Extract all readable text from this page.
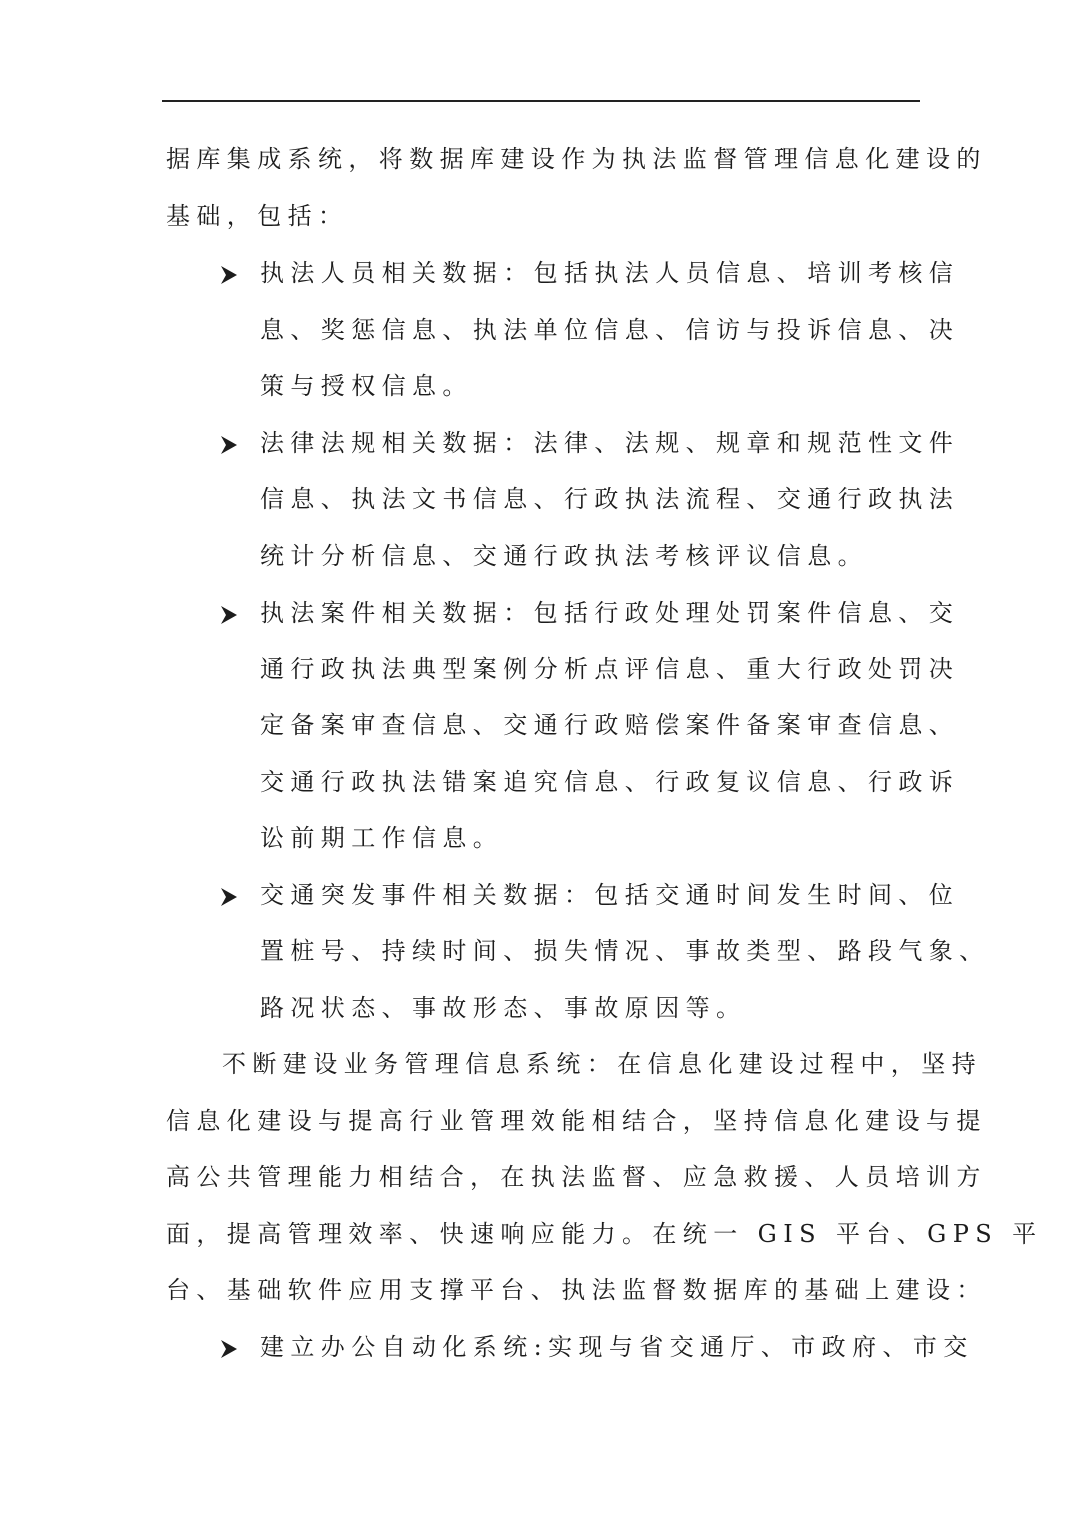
据库集成系统，将数据库建设作为执法监督管理信息化建设的
基础，包括：
执法人员相关数据：包括执法人员信息、培训考核信
息、奖惩信息、执法单位信息、信访与投诉信息、决
策与授权信息。
法律法规相关数据：法律、法规、规章和规范性文件
信息、执法文书信息、行政执法流程、交通行政执法
统计分析信息、交通行政执法考核评议信息。
执法案件相关数据：包括行政处理处罚案件信息、交
通行政执法典型案例分析点评信息、重大行政处罚决
定备案审查信息、交通行政赔偿案件备案审查信息、
交通行政执法错案追究信息、行政复议信息、行政诉
讼前期工作信息。
交通突发事件相关数据：包括交通时间发生时间、位
置桩号、持续时间、损失情况、事故类型、路段气象、
路况状态、事故形态、事故原因等。
不断建设业务管理信息系统：在信息化建设过程中，坚持
信息化建设与提高行业管理效能相结合，坚持信息化建设与提
高公共管理能力相结合，在执法监督、应急救援、人员培训方
面，提高管理效率、快速响应能力。在统一 GIS 平台、GPS 平
台、基础软件应用支撑平台、执法监督数据库的基础上建设：
建立办公自动化系统:实现与省交通厅、市政府、市交
